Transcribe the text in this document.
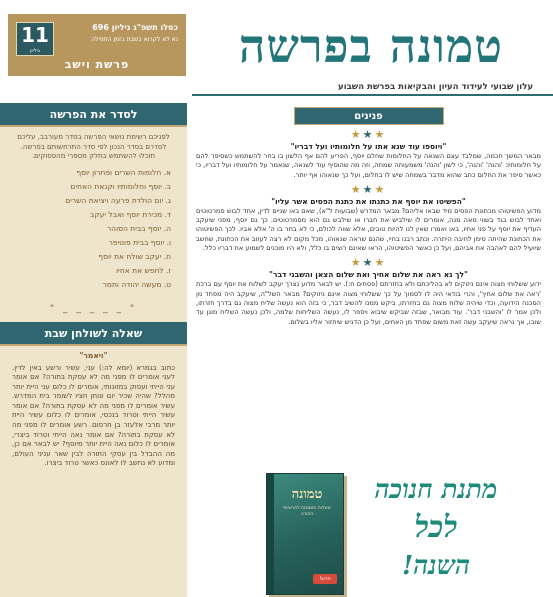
11
גיליון
כסלו תשפ"ג גיליון 696
נא לא לקרוא בשבת בזמן התפילה
פרשת וישב	טמונה בפרשה
עלון שבועי לעידוד העיון והבקיאות בפרשת השבוע
לסדר את הפרשה
לפניכם רשימת נושאי הפרשה בסדר מעורבב, עליכם לסדרם בסדר הנכון לפי סדר התרחשותם בפרשה. תוכלו להשתמש בחלק מספרי מהפסוקים.
א. חלומות השרים ופתרון יוסף
ב. יוסף וחלומותיו וקנאת האחים
ג. יום הולדת פרעה ויציאת השרים
ד. מכירת יוסף ואבל יעקב
ה. יוסף בבית הסוהר
ו. יוסף בבית פוטיפר
ח. יעקב שולח את יוסף
ז. לחפש את אחיו
ט. מעשה יהודה ותמר
" _ _ _ _ _ "
שאלה לשולחן שבת
"ויאמר"
כתוב בגמרא (יומא לה:) עני, עשיר ורשע באין לדין. לעני אומרים לו מפני מה לא עסקת בתורה? אם אומר עני הייתי ועסוק במזונותי, אומרים לו כלום עני היית יותר מהלל? שהיה שכיר יום ונותן חציו לשומר בית המדרש. עשיר אומרים לו מפני מה לא עסקת בתורה? אם אומר עשיר הייתי וטרוד בנכסי, אומרים לו כלום עשיר היית יותר מרבי אלעזר בן חרסום. רשע אומרים לו מפני מה לא עסקת בתורה? אם אומר נאה הייתי וטרוד ביצרי, אומרים לו כלום נאה היית יותר מיוסף? יש לבאר אם כן, מה ההבדל בין עסקי התורה לבין שאר עניני העולם, ומדוע לא נחשב לו לאונס כאשר טרוד ביצרו.
פנינים
★★★
"ויוספו עוד שנא אתו על חלומותיו ועל דבריו"
מבאר המשך חכמה, שמלבד עצם השנאה על החלומות שחלם יוסף, הפריע להם אף הלשון בו בחר להשתמש כשסיפר להם על חלומותיו: 'והנה' 'והנה', כי לשון 'והנה' משמעותה שמחה, וזה מה שהוסיף עוד לשנאה, שנאמר על חלומותיו ועל דבריו, כי כאשר סיפר את החלום כתב שהוא מדבר בשמחה שיש לו בחלום, ועל כך שנאוהו אף יותר.
★★★
"הפשיטו את יוסף את כתנתו את כתנת הפסים אשר עליו"
מדוע הפשיטוהו מכתונת הפסים מיד שבאו אליהם? מבאר המדרש (שבועות ל"א), שאם באו שניים לדין, אחד לבוש סמרטוטים ואחד לבוש בגד בשווי מאה מנה, אומרים לו שילביש את חברו או שילבש גם הוא מסמרטוטים. כך גם יוסף, מפני שיעקב העדיף את יוסף על פני אחיו, באו ואמרו שאין לנו להיות טובים, אלא שווה לכולם, כי לא בחר בו ה' אלא אביו. לכך הפשיטוהו את הכתונת שהיתה סימן לחיבה היתרה. וכתב רבנו בחיי, שהגם שראה שנאוהו, מכל מקום לא רצה לעזוב את הכתונת, שחשב שיועיל להם לאהבה את אביהם, ועל כן כאשר הפשיטוהו, הראו שאינם רוצים בו כלל, ולא היו מוכנים לשמוע את דבריו כלל.
★★★
"לך נא ראה את שלום אחיך ואת שלום הצאן והשבני דבר"
ידוע ששלוחי מצוה אינם ניזוקים לא בהליכתם ולא בחזרתם (פסחים ח:). יש לבאר מדוע נצרך יעקב לשלוח את יוסף עם ברכת 'ראה את שלום אחיך', והרי בודאי היה לו לסמוך על כך ששלוחי מצוה אינם ניזוקים? מבאר השל"ה, שיעקב היה מפחד מן הסכנה הידועה, וכדי שיהיה שלוח מצוה גם בחזרתו, ביקש ממנו להשיב דבר, כי בזה הוא נעשה שליח מצוה גם בדרך חזרתו, ולכן אמר לו 'והשבני דבר'. עוד מבואר, שבזה שביקש שיבוא ויספר לו, נעשה השליחות שלמה, ולכן נעשה השליח מוגן עד שובו, אך נראה שיעקב עשה זאת משום שפחד מן האחים, ועל כן הדגיש שיחזור אליו בשלום.
מתנת חנוכה
לכל
השנה!
טמונה
שאלות ותשובות לפרשיות התורה
חדש!
